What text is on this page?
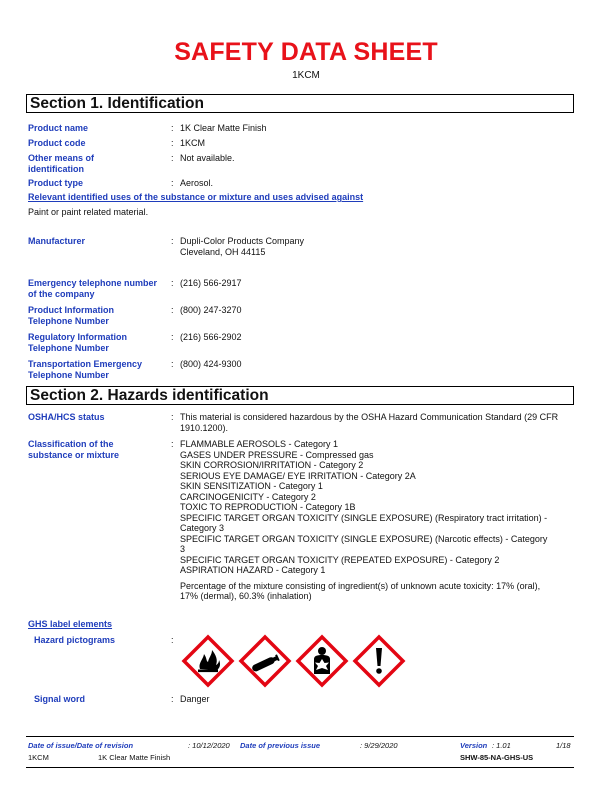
SAFETY DATA SHEET
1KCM
Section 1. Identification
Product name	: 1K Clear Matte Finish
Product code	: 1KCM
Other means of identification
: Not available.
Product type	: Aerosol.
Relevant identified uses of the substance or mixture and uses advised against
Paint or paint related material.
Manufacturer	: Dupli-Color Products Company
Cleveland, OH 44115
Emergency telephone number of the company
: (216) 566-2917
Product Information Telephone Number
: (800) 247-3270
Regulatory Information Telephone Number
: (216) 566-2902
Transportation Emergency Telephone Number
: (800) 424-9300
Section 2. Hazards identification
OSHA/HCS status	: This material is considered hazardous by the OSHA Hazard Communication Standard (29 CFR 1910.1200).
Classification of the substance or mixture
: FLAMMABLE AEROSOLS - Category 1
GASES UNDER PRESSURE - Compressed gas
SKIN CORROSION/IRRITATION - Category 2
SERIOUS EYE DAMAGE/ EYE IRRITATION - Category 2A
SKIN SENSITIZATION - Category 1
CARCINOGENICITY - Category 2
TOXIC TO REPRODUCTION - Category 1B
SPECIFIC TARGET ORGAN TOXICITY (SINGLE EXPOSURE) (Respiratory tract irritation) - Category 3
SPECIFIC TARGET ORGAN TOXICITY (SINGLE EXPOSURE) (Narcotic effects) - Category 3
SPECIFIC TARGET ORGAN TOXICITY (REPEATED EXPOSURE) - Category 2
ASPIRATION HAZARD - Category 1
Percentage of the mixture consisting of ingredient(s) of unknown acute toxicity: 17% (oral), 17% (dermal), 60.3% (inhalation)
GHS label elements
Hazard pictograms	:
Signal word	: Danger
Date of issue/Date of revision	: 10/12/2020 Date of previous issue	: 9/29/2020	Version : 1.01	1/18
1KCM	1K Clear Matte Finish	SHW-85-NA-GHS-US
